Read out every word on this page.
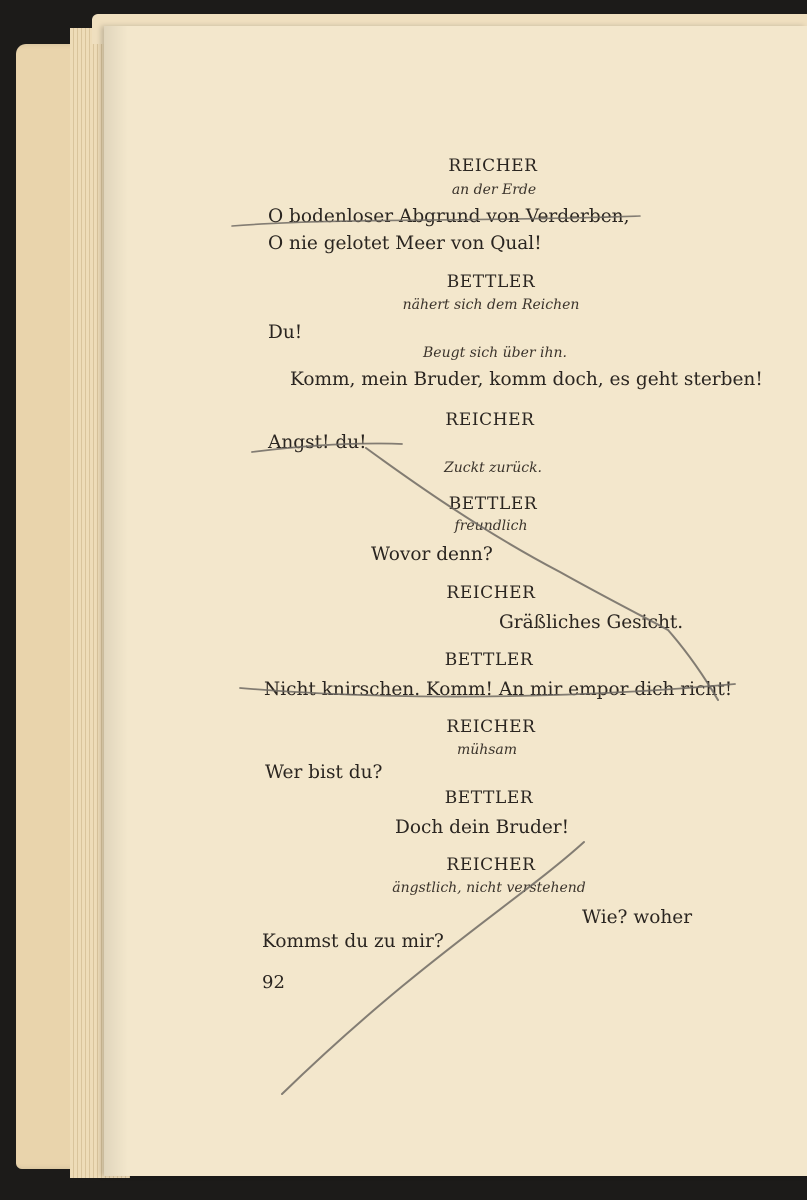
REICHER
an der Erde
O bodenloser Abgrund von Verderben,
O nie gelotet Meer von Qual!
BETTLER
nähert sich dem Reichen
Du!
Beugt sich über ihn.
Komm, mein Bruder, komm doch, es geht sterben!
REICHER
Angst! du!
Zuckt zurück.
BETTLER
freundlich
Wovor denn?
REICHER
Gräßliches Gesicht.
BETTLER
Nicht knirschen. Komm! An mir empor dich richt!
REICHER
mühsam
Wer bist du?
BETTLER
Doch dein Bruder!
REICHER
ängstlich, nicht verstehend
Wie? woher
Kommst du zu mir?
92
